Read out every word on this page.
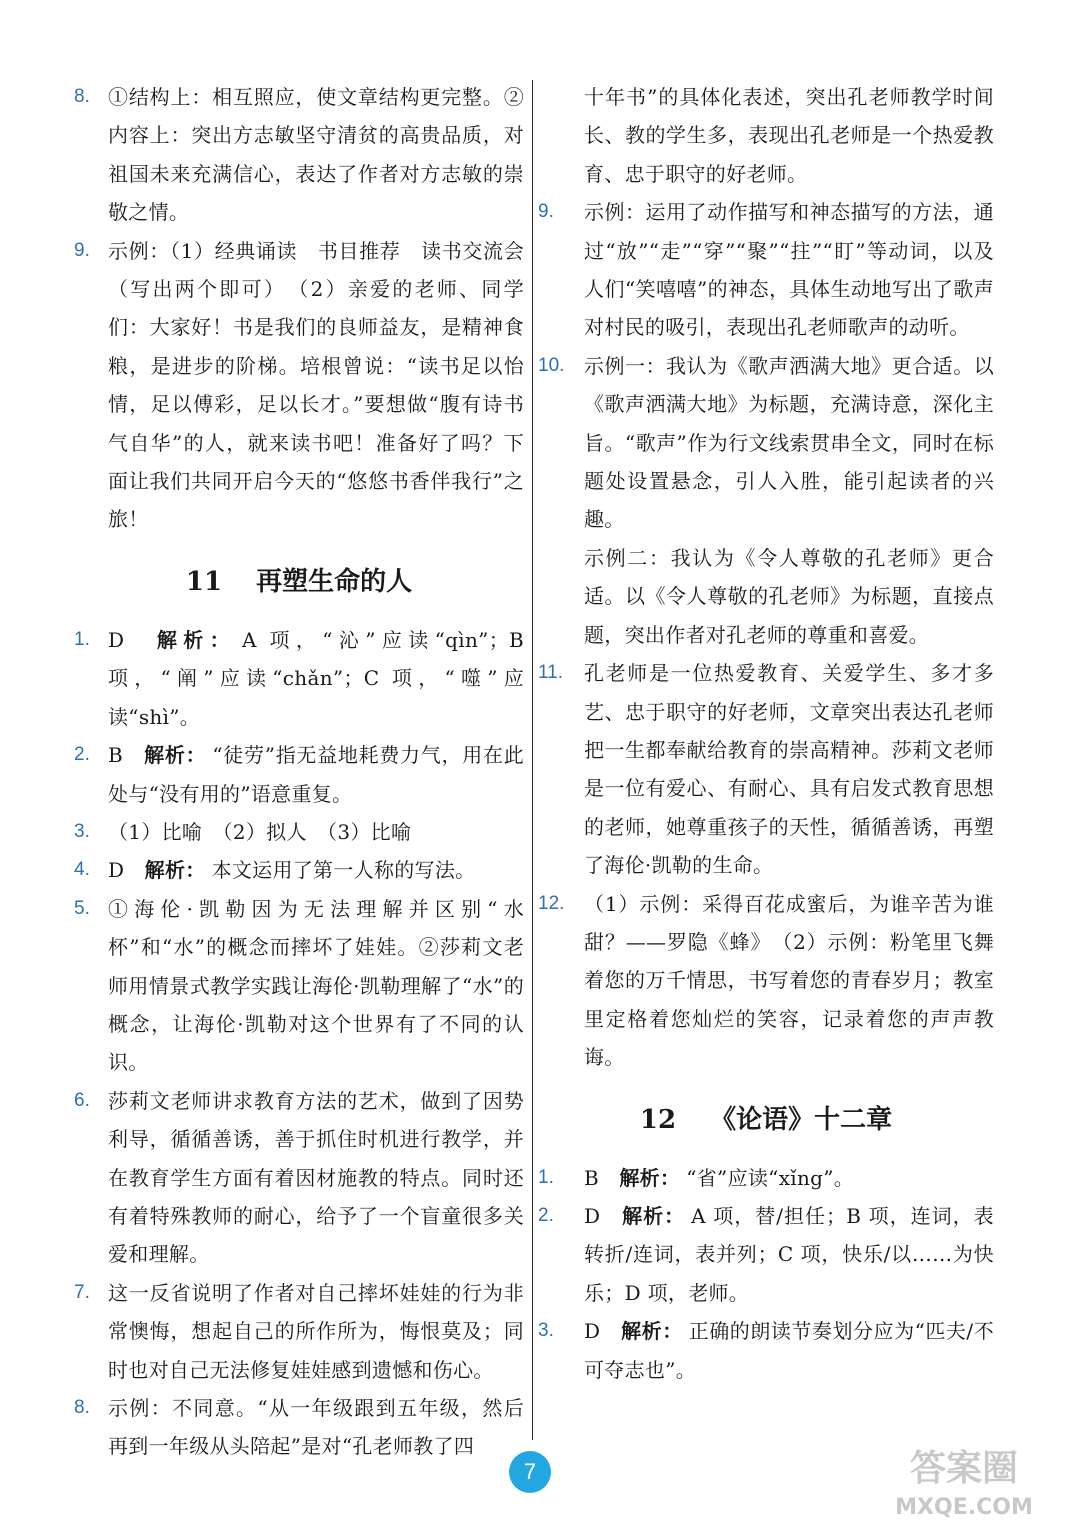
8. ①结构上：相互照应，使文章结构更完整。②内容上：突出方志敏坚守清贫的高贵品质，对祖国未来充满信心，表达了作者对方志敏的崇敬之情。
9. 示例：（1）经典诵读　书目推荐　读书交流会（写出两个即可）　（2）亲爱的老师、同学们：大家好！书是我们的良师益友，是精神食粮，是进步的阶梯。培根曾说：“读书足以怡情，足以傅彩，足以长才。”要想做“腹有诗书气自华”的人，就来读书吧！准备好了吗？下面让我们共同开启今天的“悠悠书香伴我行”之旅！
11 再塑生命的人
1. D　 解析： A 项，“沁”应读“qìn”；B 项，“阐”应读“chǎn”；C 项，“噬”应读“shì”。
2. B　 解析： “徒劳”指无益地耗费力气，用在此处与“没有用的”语意重复。
3. （1）比喻　（2）拟人　（3）比喻
4. D　 解析： 本文运用了第一人称的写法。
5. ①海伦·凯勒因为无法理解并区别“水杯”和“水”的概念而摔坏了娃娃。②莎莉文老师用情景式教学实践让海伦·凯勒理解了“水”的概念，让海伦·凯勒对这个世界有了不同的认识。
6. 莎莉文老师讲求教育方法的艺术，做到了因势利导，循循善诱，善于抓住时机进行教学，并在教育学生方面有着因材施教的特点。同时还有着特殊教师的耐心，给予了一个盲童很多关爱和理解。
7. 这一反省说明了作者对自己摔坏娃娃的行为非常懊悔，想起自己的所作所为，悔恨莫及；同时也对自己无法修复娃娃感到遗憾和伤心。
8. 示例：不同意。“从一年级跟到五年级，然后再到一年级从头陪起”是对“孔老师教了四
十年书”的具体化表述，突出孔老师教学时间长、教的学生多，表现出孔老师是一个热爱教育、忠于职守的好老师。
9.	示例：运用了动作描写和神态描写的方法，通过“放”“走”“穿”“聚”“拄”“盯”等动词，以及人们“笑嘻嘻”的神态，具体生动地写出了歌声对村民的吸引，表现出孔老师歌声的动听。
10. 示例一：我认为《歌声洒满大地》更合适。以《歌声洒满大地》为标题，充满诗意，深化主旨。“歌声”作为行文线索贯串全文，同时在标题处设置悬念，引人入胜，能引起读者的兴趣。
示例二：我认为《令人尊敬的孔老师》更合适。以《令人尊敬的孔老师》为标题，直接点题，突出作者对孔老师的尊重和喜爱。
11.	孔老师是一位热爱教育、关爱学生、多才多艺、忠于职守的好老师，文章突出表达孔老师把一生都奉献给教育的崇高精神。莎莉文老师是一位有爱心、有耐心、具有启发式教育思想的老师，她尊重孩子的天性，循循善诱，再塑了海伦·凯勒的生命。
12. （1）示例：采得百花成蜜后，为谁辛苦为谁甜？——罗隐《蜂》　（2）示例：粉笔里飞舞着您的万千情思，书写着您的青春岁月；教室里定格着您灿烂的笑容，记录着您的声声教诲。
12 《论语》十二章
1.	B　 解析： “省”应读“xǐng”。
2.	D　 解析： A 项，替/担任；B 项，连词，表转折/连词，表并列；C 项，快乐/以……为快乐；D 项，老师。
3.	D　 解析： 正确的朗读节奏划分应为“匹夫/不可夺志也”。
7	答案圈
MXQE.COM
